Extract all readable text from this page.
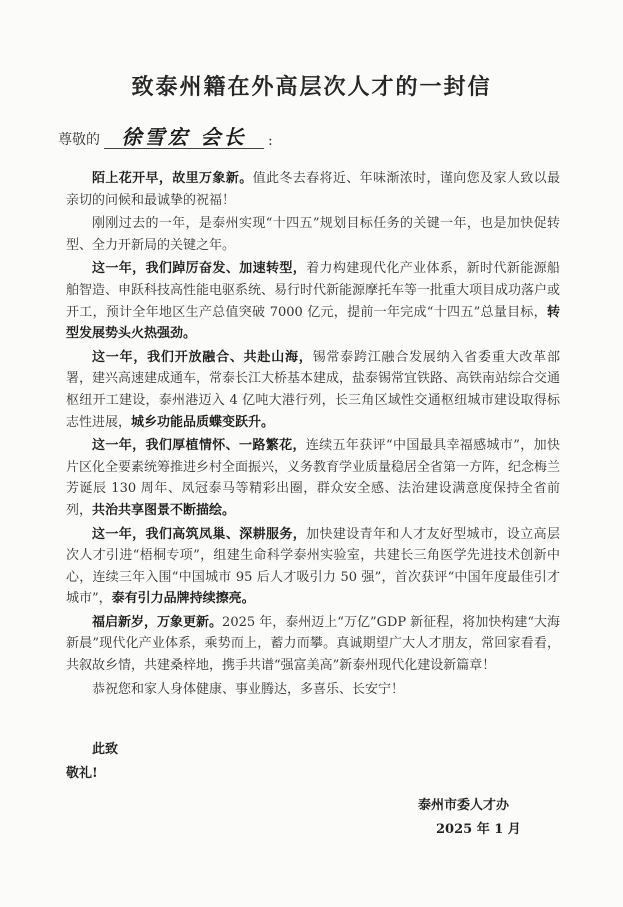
致泰州籍在外高层次人才的一封信
尊敬的	徐雪宏 会长	:

陌上花开早，故里万象新。值此冬去春将近、年味渐浓时，谨向您及家人致以最亲切的问候和最诚挚的祝福！

刚刚过去的一年，是泰州实现“十四五”规划目标任务的关键一年，也是加快促转型、全力开新局的关键之年。

这一年，我们踔厉奋发、加速转型，着力构建现代化产业体系，新时代新能源船舶智造、申跃科技高性能电驱系统、易行时代新能源摩托车等一批重大项目成功落户或开工，预计全年地区生产总值突破 7000 亿元，提前一年完成“十四五”总量目标，转型发展势头火热强劲。

这一年，我们开放融合、共赴山海，锡常泰跨江融合发展纳入省委重大改革部署，建兴高速建成通车，常泰长江大桥基本建成，盐泰锡常宜铁路、高铁南站综合交通枢纽开工建设，泰州港迈入 4 亿吨大港行列，长三角区域性交通枢纽城市建设取得标志性进展，城乡功能品质蝶变跃升。

这一年，我们厚植情怀、一路繁花，连续五年获评“中国最具幸福感城市”，加快片区化全要素统筹推进乡村全面振兴，义务教育学业质量稳居全省第一方阵，纪念梅兰芳诞辰 130 周年、凤冠泰马等精彩出圈，群众安全感、法治建设满意度保持全省前列，共治共享图景不断描绘。

这一年，我们高筑凤巢、深耕服务，加快建设青年和人才友好型城市，设立高层次人才引进“梧桐专项”，组建生命科学泰州实验室，共建长三角医学先进技术创新中心，连续三年入围“中国城市 95 后人才吸引力 50 强”，首次获评“中国年度最佳引才城市”，泰有引力品牌持续擦亮。

福启新岁，万象更新。2025 年，泰州迈上“万亿”GDP 新征程，将加快构建“大海新晨”现代化产业体系，乘势而上，蓄力而攀。真诚期望广大人才朋友，常回家看看，共叙故乡情，共建桑梓地，携手共谱“强富美高”新泰州现代化建设新篇章！

恭祝您和家人身体健康、事业腾达，多喜乐、长安宁！

此致
敬礼!
泰州市委人才办
2025 年 1 月
